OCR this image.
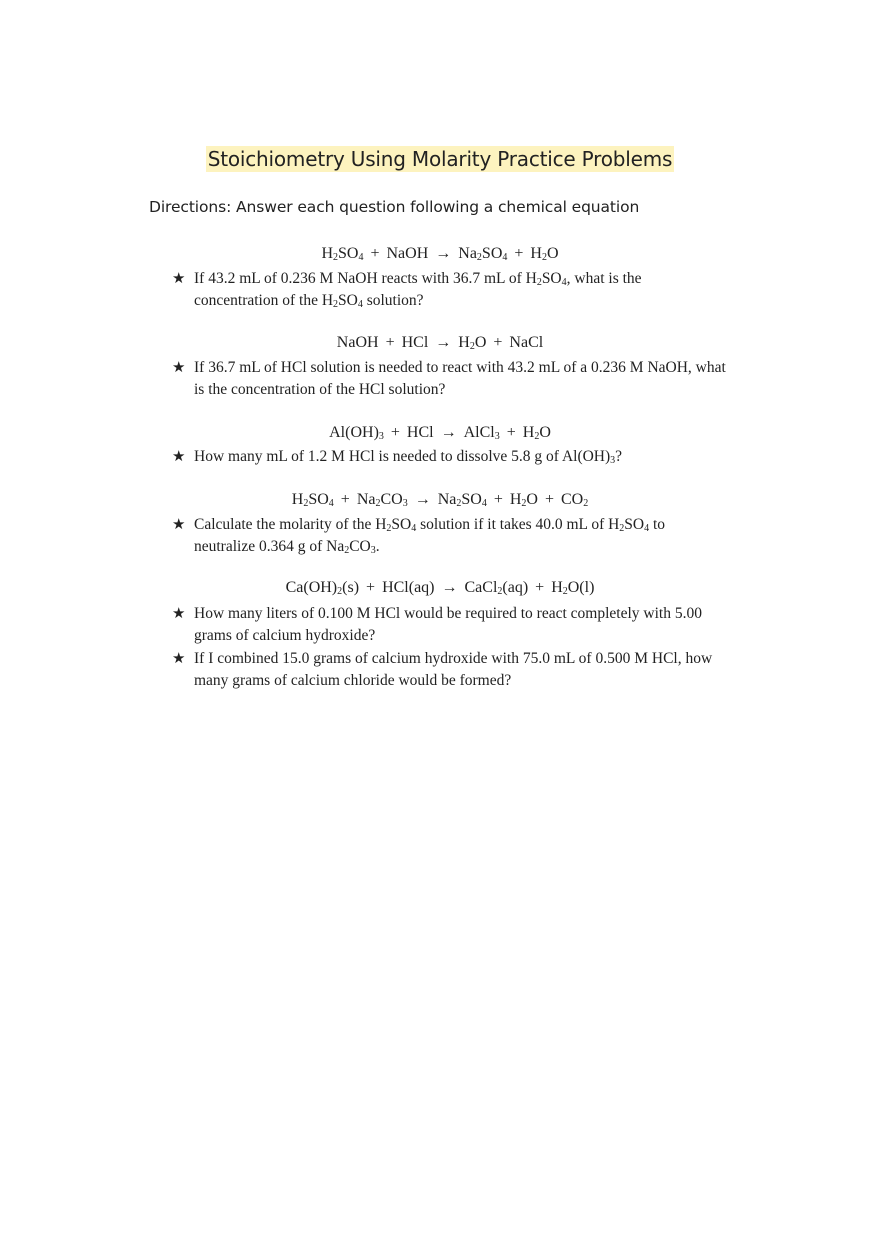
Stoichiometry Using Molarity Practice Problems
Directions: Answer each question following a chemical equation
$H_2SO_4$ + NaOH → $Na_2SO_4 + H_2O$
★ If 43.2 mL of 0.236 M NaOH reacts with 36.7 mL of $H_2SO_4$, what is the
concentration of the $H_2SO_4$ solution?
NaOH + HCl → $H_2O$ + NaCl
★ If 36.7 mL of HCl solution is needed to react with 43.2 mL of a 0.236 M NaOH, what is the concentration of the HCl solution?
$Al(OH)_3$ + HCl → AlCl$_3$ + $H_2O$
★ How many mL of 1.2 M HCl is needed to dissolve 5.8 g of $Al(OH)_3$?
$H_2SO_4 + Na_2CO_3 \to Na_2SO_4 + H_2O + CO_2$
★ Calculate the molarity of the $H_2SO_4$ solution if it takes 40.0 mL of $H_2SO_4$ to
neutralize 0.364 g of $Na_2CO_3$.
$Ca(OH)_2(s) + HCl(aq)$ → CaCl$_2$(aq) + $H_2O(l)$
★ How many liters of 0.100 M HCl would be required to react completely with 5.00 grams of calcium hydroxide?
★ If I combined 15.0 grams of calcium hydroxide with 75.0 mL of 0.500 M HCl, how many grams of calcium chloride would be formed?
